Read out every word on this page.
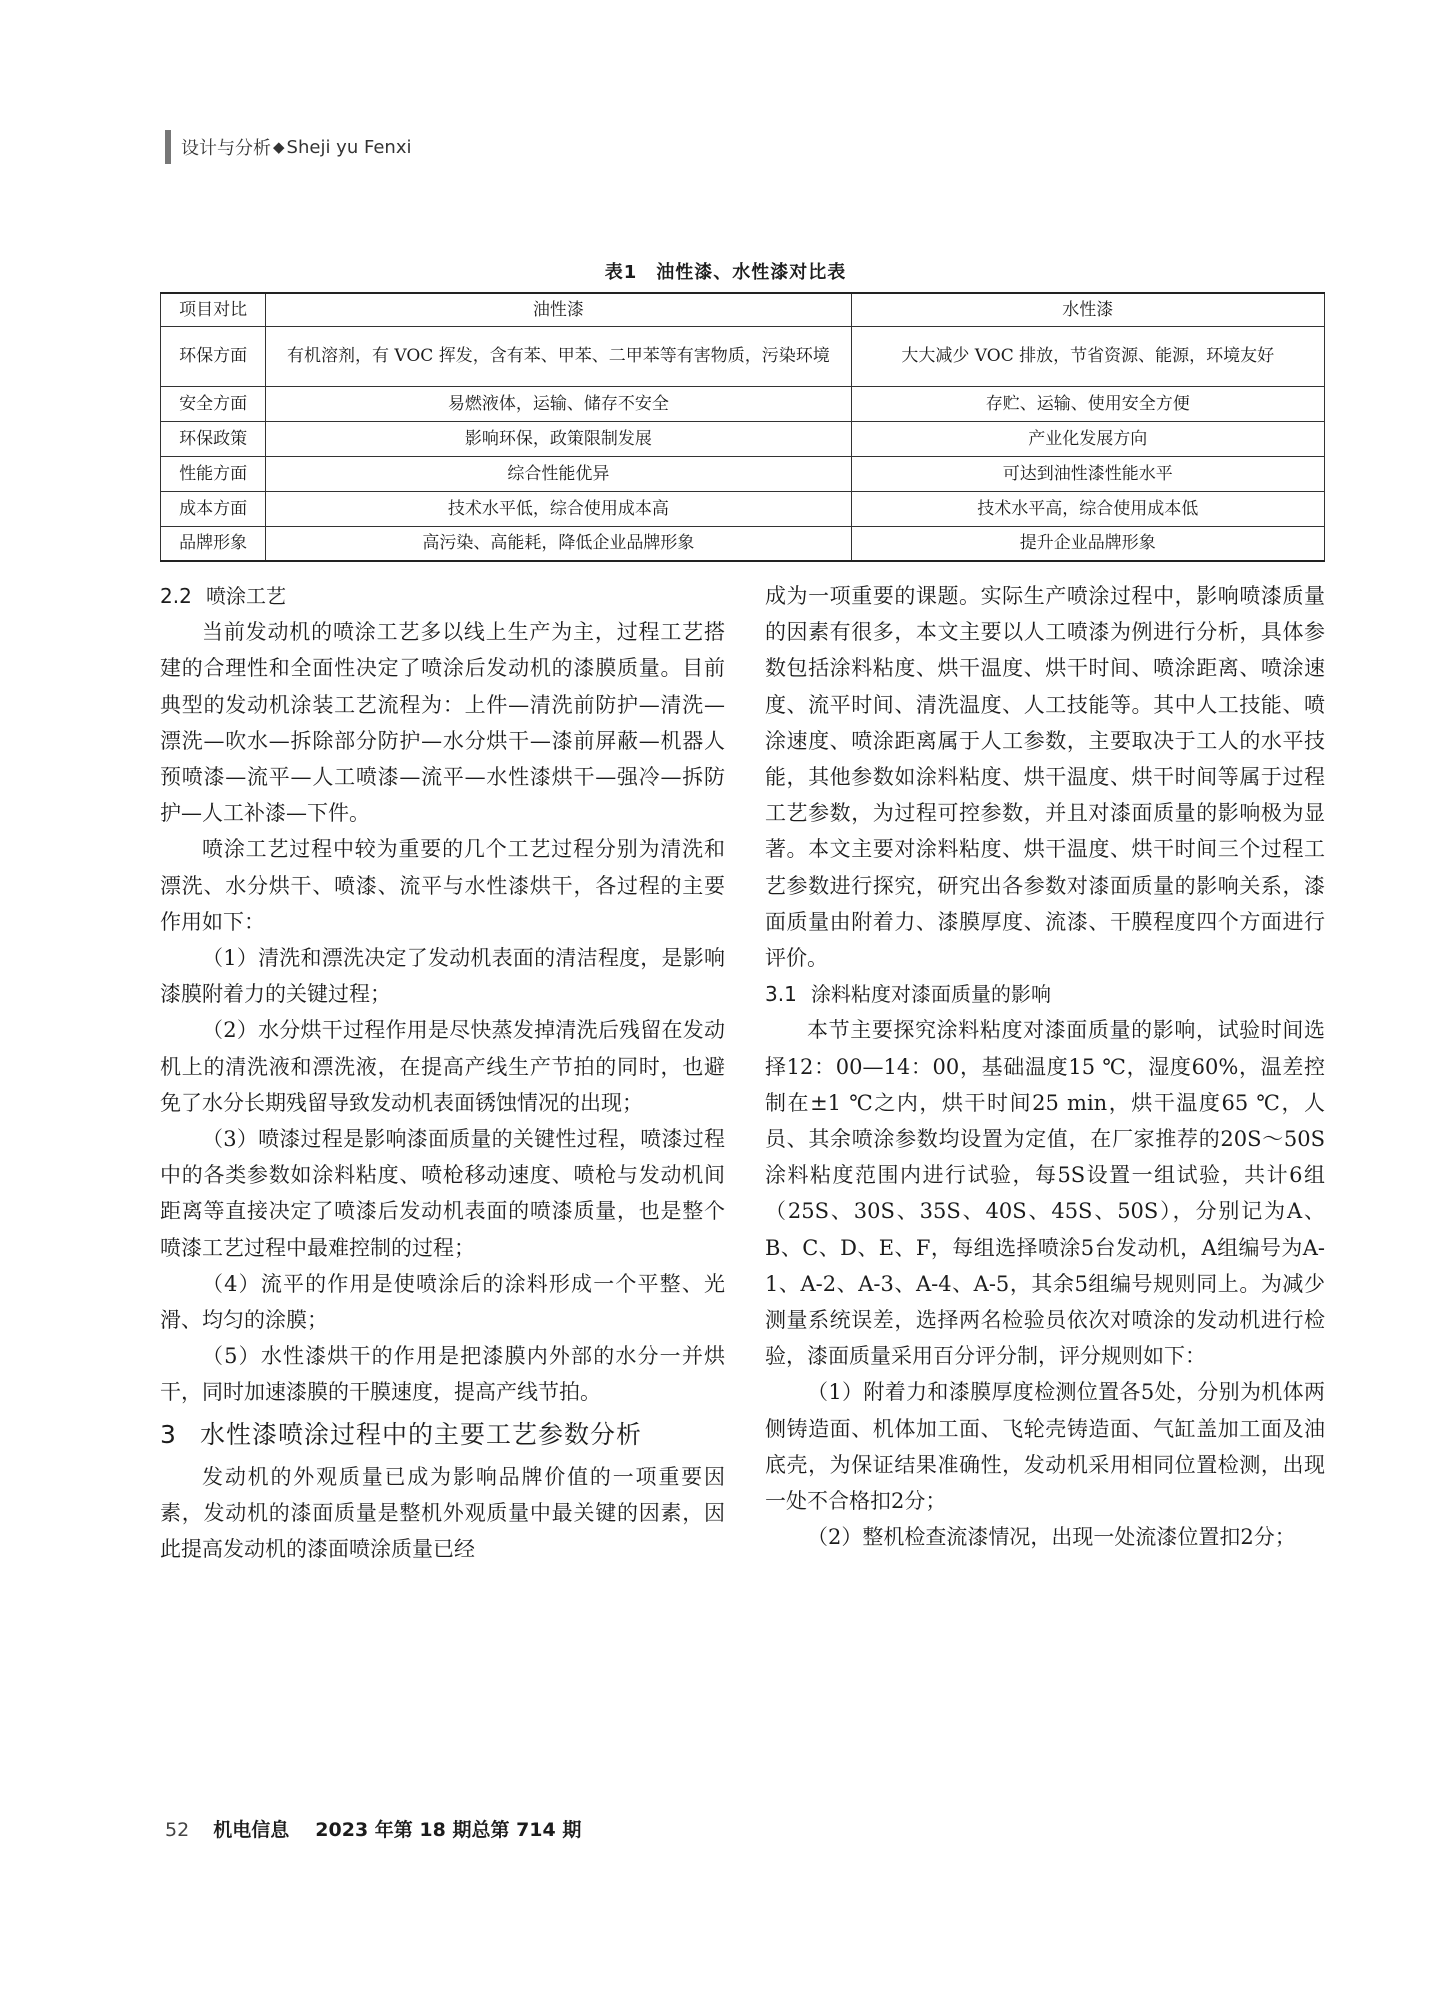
设计与分析 ◆ Sheji yu Fenxi
表1　油性漆、水性漆对比表
项目对比	油性漆	水性漆
环保方面	有机溶剂，有 VOC 挥发，含有苯、甲苯、二甲苯等有害物质，污染环境	大大减少 VOC 排放，节省资源、能源，环境友好
安全方面	易燃液体，运输、储存不安全	存贮、运输、使用安全方便
环保政策	影响环保，政策限制发展	产业化发展方向
性能方面	综合性能优异	可达到油性漆性能水平
成本方面	技术水平低，综合使用成本高	技术水平高，综合使用成本低
品牌形象	高污染、高能耗，降低企业品牌形象	提升企业品牌形象
2.2 喷涂工艺

当前发动机的喷涂工艺多以线上生产为主，过程工艺搭建的合理性和全面性决定了喷涂后发动机的漆膜质量。目前典型的发动机涂装工艺流程为：上件—清洗前防护—清洗—漂洗—吹水—拆除部分防护—水分烘干—漆前屏蔽—机器人预喷漆—流平—人工喷漆—流平—水性漆烘干—强冷—拆防护—人工补漆—下件。

喷涂工艺过程中较为重要的几个工艺过程分别为清洗和漂洗、水分烘干、喷漆、流平与水性漆烘干，各过程的主要作用如下：

（1）清洗和漂洗决定了发动机表面的清洁程度，是影响漆膜附着力的关键过程；

（2）水分烘干过程作用是尽快蒸发掉清洗后残留在发动机上的清洗液和漂洗液，在提高产线生产节拍的同时，也避免了水分长期残留导致发动机表面锈蚀情况的出现；

（3）喷漆过程是影响漆面质量的关键性过程，喷漆过程中的各类参数如涂料粘度、喷枪移动速度、喷枪与发动机间距离等直接决定了喷漆后发动机表面的喷漆质量，也是整个喷漆工艺过程中最难控制的过程；

（4）流平的作用是使喷涂后的涂料形成一个平整、光滑、均匀的涂膜；

（5）水性漆烘干的作用是把漆膜内外部的水分一并烘干，同时加速漆膜的干膜速度，提高产线节拍。

3 水性漆喷涂过程中的主要工艺参数分析

发动机的外观质量已成为影响品牌价值的一项重要因素，发动机的漆面质量是整机外观质量中最关键的因素，因此提高发动机的漆面喷涂质量已经

成为一项重要的课题。实际生产喷涂过程中，影响喷漆质量的因素有很多，本文主要以人工喷漆为例进行分析，具体参数包括涂料粘度、烘干温度、烘干时间、喷涂距离、喷涂速度、流平时间、清洗温度、人工技能等。其中人工技能、喷涂速度、喷涂距离属于人工参数，主要取决于工人的水平技能，其他参数如涂料粘度、烘干温度、烘干时间等属于过程工艺参数，为过程可控参数，并且对漆面质量的影响极为显著。本文主要对涂料粘度、烘干温度、烘干时间三个过程工艺参数进行探究，研究出各参数对漆面质量的影响关系，漆面质量由附着力、漆膜厚度、流漆、干膜程度四个方面进行评价。

3.1 涂料粘度对漆面质量的影响

本节主要探究涂料粘度对漆面质量的影响，试验时间选择12：00—14：00，基础温度15 ℃，湿度60%，温差控制在±1 ℃之内，烘干时间25 min，烘干温度65 ℃，人员、其余喷涂参数均设置为定值，在厂家推荐的20S～50S涂料粘度范围内进行试验，每5S设置一组试验，共计6组（25S、30S、35S、40S、45S、50S），分别记为A、B、C、D、E、F，每组选择喷涂5台发动机，A组编号为A-1、A-2、A-3、A-4、A-5，其余5组编号规则同上。为减少测量系统误差，选择两名检验员依次对喷涂的发动机进行检验，漆面质量采用百分评分制，评分规则如下：

（1）附着力和漆膜厚度检测位置各5处，分别为机体两侧铸造面、机体加工面、飞轮壳铸造面、气缸盖加工面及油底壳，为保证结果准确性，发动机采用相同位置检测，出现一处不合格扣2分；

（2）整机检查流漆情况，出现一处流漆位置扣2分；

52 机电信息 2023 年第 18 期总第 714 期
